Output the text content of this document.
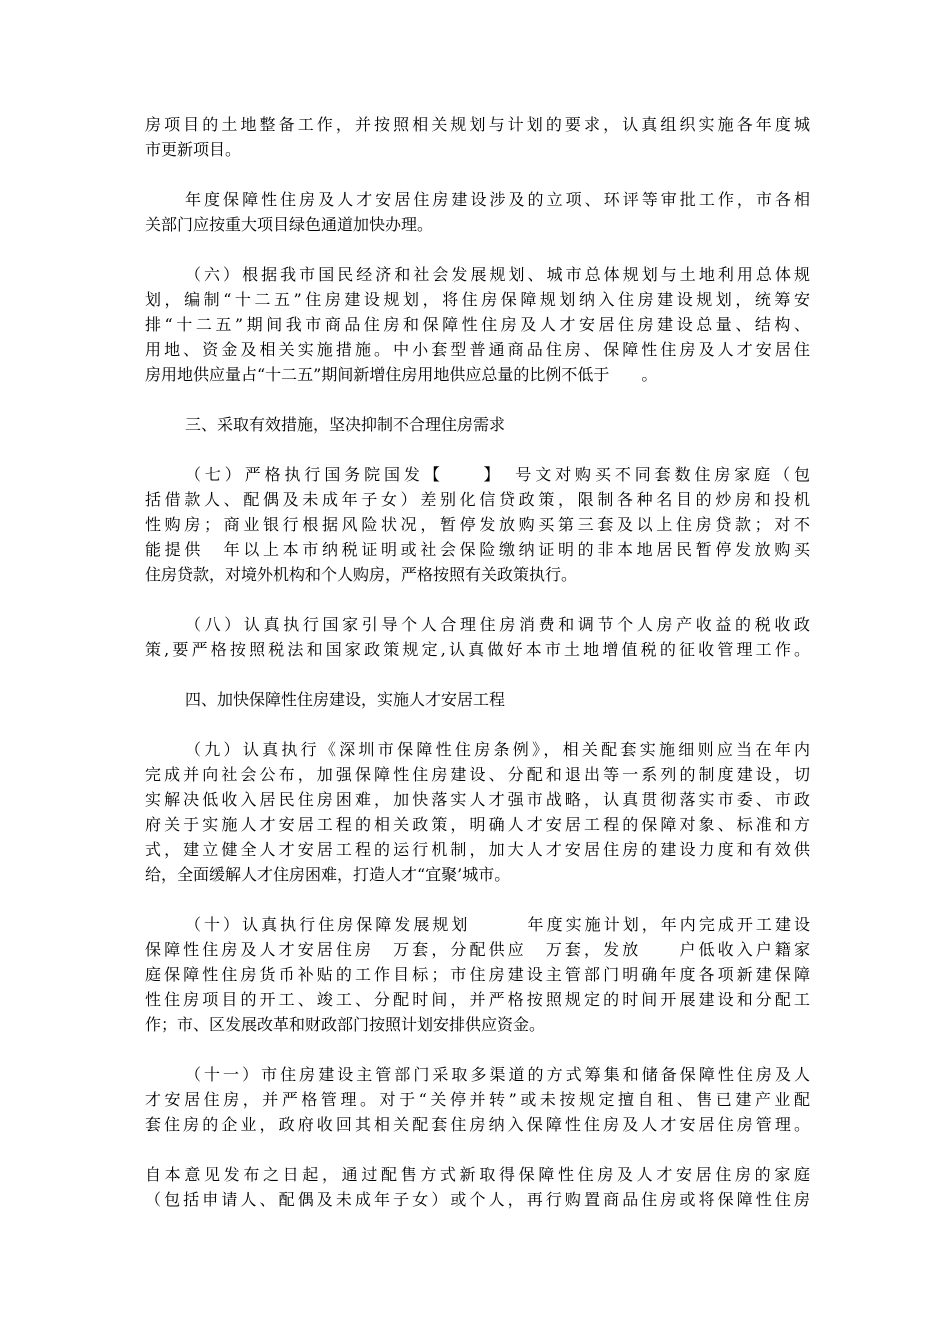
房项目的土地整备工作，并按照相关规划与计划的要求，认真组织实施各年度城
市更新项目。
年度保障性住房及人才安居住房建设涉及的立项、环评等审批工作，市各相
关部门应按重大项目绿色通道加快办理。
（六）根据我市国民经济和社会发展规划、城市总体规划与土地利用总体规
划，编制“十二五”住房建设规划，将住房保障规划纳入住房建设规划，统筹安
排“十二五”期间我市商品住房和保障性住房及人才安居住房建设总量、结构、
用地、资金及相关实施措施。中小套型普通商品住房、保障性住房及人才安居住
房用地供应量占“十二五”期间新增住房用地供应总量的比例不低于　　。
三、采取有效措施，坚决抑制不合理住房需求
（七）严格执行国务院国发【　　】　号文对购买不同套数住房家庭（包
括借款人、配偶及未成年子女）差别化信贷政策，限制各种名目的炒房和投机
性购房；商业银行根据风险状况，暂停发放购买第三套及以上住房贷款；对不
能提供　年以上本市纳税证明或社会保险缴纳证明的非本地居民暂停发放购买
住房贷款，对境外机构和个人购房，严格按照有关政策执行。
（八）认真执行国家引导个人合理住房消费和调节个人房产收益的税收政
策,要严格按照税法和国家政策规定,认真做好本市土地增值税的征收管理工作。
四、加快保障性住房建设，实施人才安居工程
（九）认真执行《深圳市保障性住房条例》，相关配套实施细则应当在年内
完成并向社会公布，加强保障性住房建设、分配和退出等一系列的制度建设，切
实解决低收入居民住房困难，加快落实人才强市战略，认真贯彻落实市委、市政
府关于实施人才安居工程的相关政策，明确人才安居工程的保障对象、标准和方
式，建立健全人才安居工程的运行机制，加大人才安居住房的建设力度和有效供
给，全面缓解人才住房困难，打造人才“宜聚’城市。
（十）认真执行住房保障发展规划　　　年度实施计划，年内完成开工建设
保障性住房及人才安居住房　万套，分配供应　万套，发放　　户低收入户籍家
庭保障性住房货币补贴的工作目标；市住房建设主管部门明确年度各项新建保障
性住房项目的开工、竣工、分配时间，并严格按照规定的时间开展建设和分配工
作；市、区发展改革和财政部门按照计划安排供应资金。
（十一）市住房建设主管部门采取多渠道的方式筹集和储备保障性住房及人
才安居住房，并严格管理。对于“关停并转”或未按规定擅自租、售已建产业配
套住房的企业，政府收回其相关配套住房纳入保障性住房及人才安居住房管理。
自本意见发布之日起，通过配售方式新取得保障性住房及人才安居住房的家庭
（包括申请人、配偶及未成年子女）或个人，再行购置商品住房或将保障性住房
